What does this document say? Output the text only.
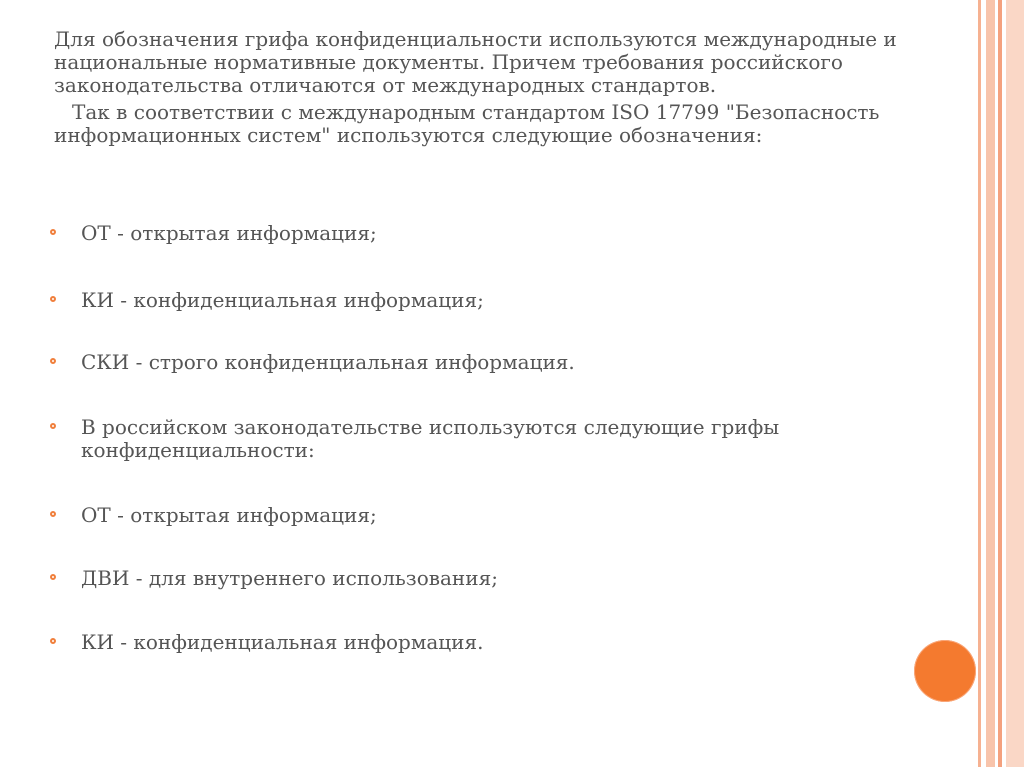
Для обозначения грифа конфиденциальности используются международные и национальные нормативные документы. Причем требования российского законодательства отличаются от международных стандартов.

Так в соответствии с международным стандартом ISO 17799 "Безопасность информационных систем" используются следующие обозначения:

ОТ - открытая информация;
КИ - конфиденциальная информация;
СКИ - строго конфиденциальная информация.
В российском законодательстве используются следующие грифы конфиденциальности:
ОТ - открытая информация;
ДВИ - для внутреннего использования;
КИ - конфиденциальная информация.
